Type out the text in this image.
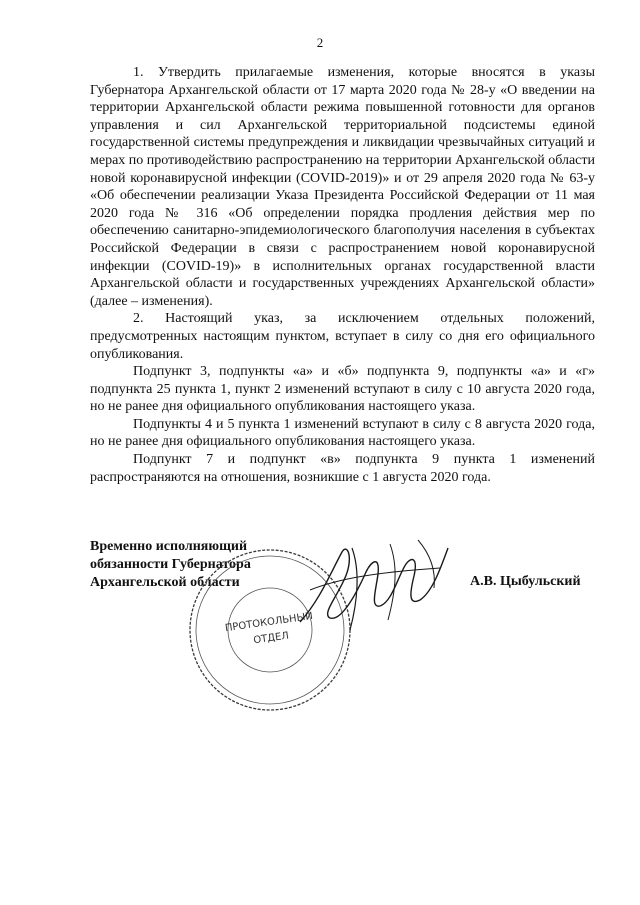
2

1. Утвердить прилагаемые изменения, которые вносятся в указы Губернатора Архангельской области от 17 марта 2020 года № 28-у «О введении на территории Архангельской области режима повышенной готовности для органов управления и сил Архангельской территориальной подсистемы единой государственной системы предупреждения и ликвидации чрезвычайных ситуаций и мерах по противодействию распространению на территории Архангельской области новой коронавирусной инфекции (COVID-2019)» и от 29 апреля 2020 года № 63-у «Об обеспечении реализации Указа Президента Российской Федерации от 11 мая 2020 года № 316 «Об определении порядка продления действия мер по обеспечению санитарно-эпидемиологического благополучия населения в субъектах Российской Федерации в связи с распространением новой коронавирусной инфекции (COVID-19)» в исполнительных органах государственной власти Архангельской области и государственных учреждениях Архангельской области» (далее – изменения).

2. Настоящий указ, за исключением отдельных положений, предусмотренных настоящим пунктом, вступает в силу со дня его официального опубликования.

Подпункт 3, подпункты «а» и «б» подпункта 9, подпункты «а» и «г» подпункта 25 пункта 1, пункт 2 изменений вступают в силу с 10 августа 2020 года, но не ранее дня официального опубликования настоящего указа.

Подпункты 4 и 5 пункта 1 изменений вступают в силу с 8 августа 2020 года, но не ранее дня официального опубликования настоящего указа.

Подпункт 7 и подпункт «в» подпункта 9 пункта 1 изменений распространяются на отношения, возникшие с 1 августа 2020 года.

Временно исполняющий
обязанности Губернатора
Архангельской области
ПРОТОКОЛЬНЫЙ
ОТДЕЛ
А.В. Цыбульский
